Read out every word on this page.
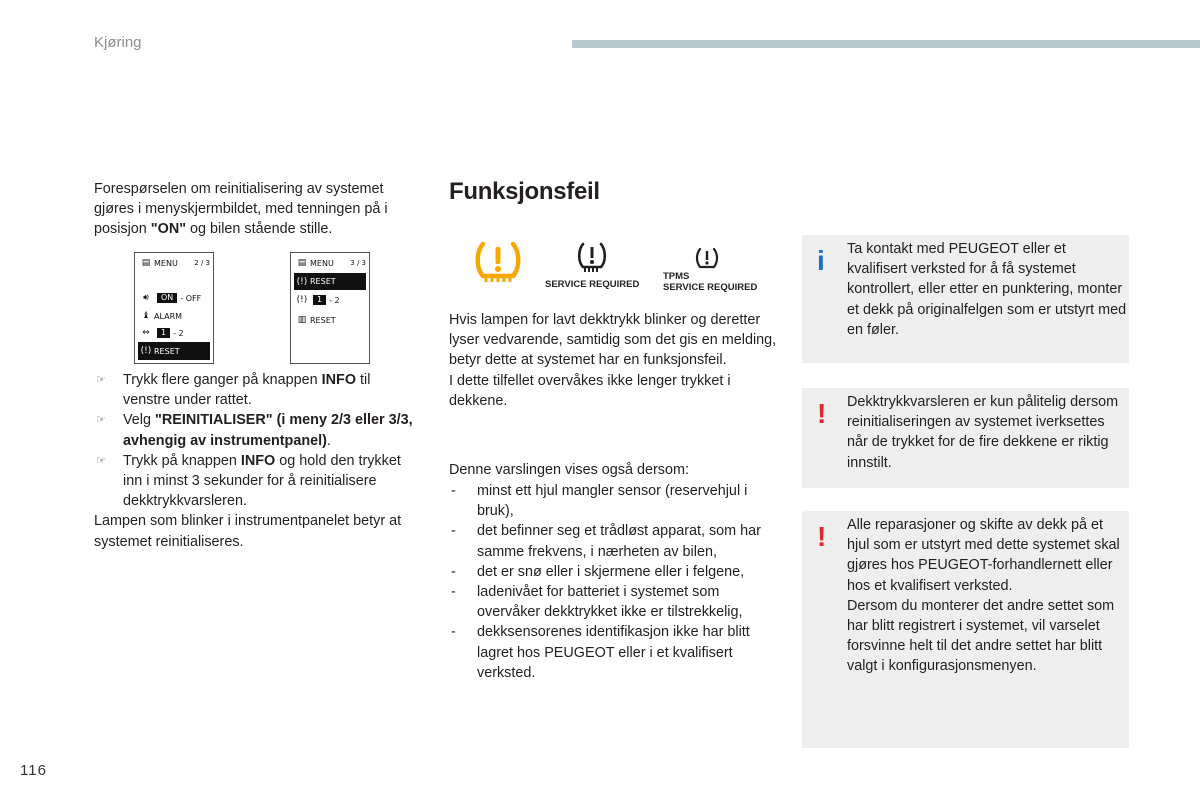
Kjøring

Forespørselen om reinitialisering av systemet gjøres i menyskjermbildet, med tenningen på i posisjon "ON" og bilen stående stille.

▤ MENU 2 / 3
🔊︎	ON - OFF
♝ ALARM
⇔	1 - 2
(!) RESET
▤ MENU 3 / 3
(!) RESET
(!)	1 - 2
▥ RESET
☞ Trykk flere ganger på knappen INFO til venstre under rattet.
☞ Velg "REINITIALISER" (i meny 2/3 eller 3/3, avhengig av instrumentpanel).
☞ Trykk på knappen INFO og hold den trykket inn i minst 3 sekunder for å reinitialisere dekktrykkvarsleren.
Lampen som blinker i instrumentpanelet betyr at systemet reinitialiseres.
Funksjonsfeil
SERVICE REQUIRED
TPMS
SERVICE REQUIRED

Hvis lampen for lavt dekktrykk blinker og deretter lyser vedvarende, samtidig som det gis en melding, betyr dette at systemet har en funksjonsfeil.

I dette tilfellet overvåkes ikke lenger trykket i dekkene.

Denne varslingen vises også dersom:

- minst ett hjul mangler sensor (reservehjul i bruk),
- det befinner seg et trådløst apparat, som har samme frekvens, i nærheten av bilen,
- det er snø eller i skjermene eller i felgene,
- ladenivået for batteriet i systemet som overvåker dekktrykket ikke er tilstrekkelig,
- dekksensorenes identifikasjon ikke har blitt lagret hos PEUGEOT eller i et kvalifisert verksted.
i Ta kontakt med PEUGEOT eller et kvalifisert verksted for å få systemet kontrollert, eller etter en punktering, monter et dekk på originalfelgen som er utstyrt med en føler.

! Dekktrykkvarsleren er kun pålitelig dersom reinitialiseringen av systemet iverksettes når de trykket for de fire dekkene er riktig innstilt.

! Alle reparasjoner og skifte av dekk på et hjul som er utstyrt med dette systemet skal gjøres hos PEUGEOT-forhandlernett eller hos et kvalifisert verksted.

Dersom du monterer det andre settet som har blitt registrert i systemet, vil varselet forsvinne helt til det andre settet har blitt valgt i konfigurasjonsmenyen.

116
